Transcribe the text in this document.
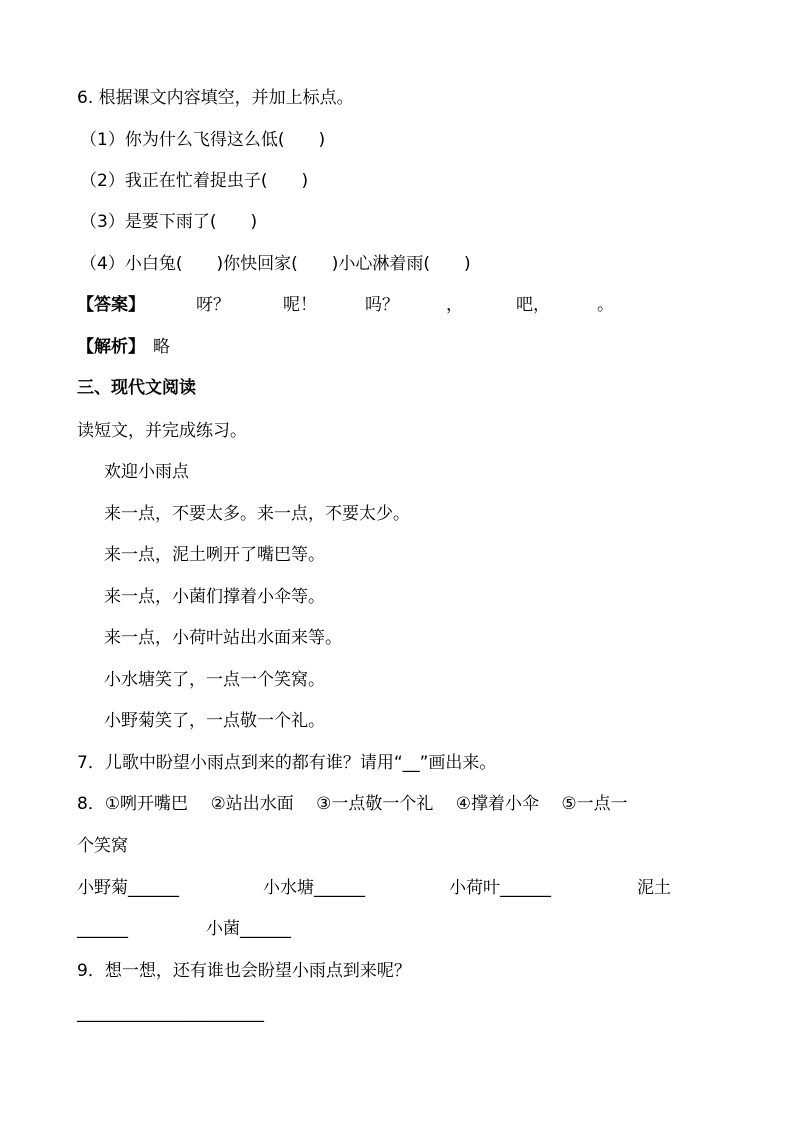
6. 根据课文内容填空，并加上标点。
（1）你为什么飞得这么低(　　)
（2）我正在忙着捉虫子(　　)
（3）是要下雨了(　　)
（4）小白兔(　　)你快回家(　　)小心淋着雨(　　)
【答案】	呀？	呢！	吗？	，	吧，	。
【解析】 略
三、现代文阅读
读短文，并完成练习。
欢迎小雨点
来一点，不要太多。来一点，不要太少。
来一点，泥土咧开了嘴巴等。
来一点，小菌们撑着小伞等。
来一点，小荷叶站出水面来等。
小水塘笑了，一点一个笑窝。
小野菊笑了，一点敬一个礼。
7．儿歌中盼望小雨点到来的都有谁？请用“__”画出来。
8．①咧开嘴巴　 ②站出水面　 ③一点敬一个礼　 ④撑着小伞　 ⑤一点一
个笑窝
小野菊______	小水塘______	小荷叶______	泥土
______	小菌______
9．想一想，还有谁也会盼望小雨点到来呢？
______________________
